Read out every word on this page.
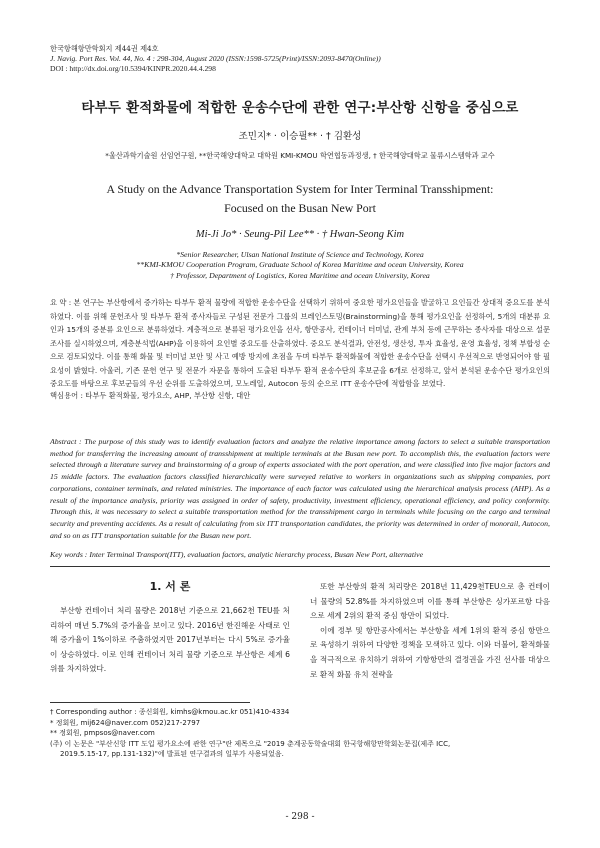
한국항해항만학회지 제44권 제4호
J. Navig. Port Res. Vol. 44, No. 4 : 298-304, August 2020 (ISSN:1598-5725(Print)/ISSN:2093-8470(Online))
DOI : http://dx.doi.org/10.5394/KINPR.2020.44.4.298
타부두 환적화물에 적합한 운송수단에 관한 연구:부산항 신항을 중심으로
조민지* · 이승필** · † 김환성
*울산과학기술원 선임연구원, **한국해양대학교 대학원 KMI-KMOU 학연협동과정생, † 한국해양대학교 물류시스템학과 교수
A Study on the Advance Transportation System for Inter Terminal Transshipment:
Focused on the Busan New Port
Mi-Ji Jo* · Seung-Pil Lee** · † Hwan-Seong Kim
*Senior Researcher, Ulsan National Institute of Science and Technology, Korea
**KMI-KMOU Cooperation Program, Graduate School of Korea Maritime and ocean University, Korea
† Professor, Department of Logistics, Korea Maritime and ocean University, Korea
요 약 : 본 연구는 부산항에서 증가하는 타부두 환적 물량에 적합한 운송수단을 선택하기 위하여 중요한 평가요인들을 발굴하고 요인들간 상대적 중요도를 분석하였다. 이를 위해 문헌조사 및 타부두 환적 종사자들로 구성된 전문가 그룹의 브레인스토밍(Brainstorming)을 통해 평가요인을 선정하여, 5개의 대분류 요인과 15개의 중분류 요인으로 분류하였다. 계층적으로 분류된 평가요인을 선사, 항만공사, 컨테이너 터미널, 관계 부처 등에 근무하는 종사자를 대상으로 설문 조사를 실시하였으며, 계층분석법(AHP)을 이용하여 요인별 중요도를 산출하였다. 중요도 분석결과, 안전성, 생산성, 투자 효율성, 운영 효율성, 정책 부합성 순으로 검토되었다. 이를 통해 화물 및 터미널 보안 및 사고 예방 방지에 초점을 두며 타부두 환적화물에 적합한 운송수단을 선택시 우선적으로 반영되어야 함 필요성이 밝혔다. 아울러, 기존 문헌 연구 및 전문가 자문을 통하여 도출된 타부두 환적 운송수단의 후보군을 6개로 선정하고, 앞서 분석된 운송수단 평가요인의 중요도를 바탕으로 후보군들의 우선 순위를 도출하였으며, 모노레일, Autocon 등의 순으로 ITT 운송수단에 적합함을 보였다.
핵심용어 : 타부두 환적화물, 평가요소, AHP, 부산항 신항, 대안
Abstract : The purpose of this study was to identify evaluation factors and analyze the relative importance among factors to select a suitable transportation method for transferring the increasing amount of transshipment at multiple terminals at the Busan new port. To accomplish this, the evaluation factors were selected through a literature survey and brainstorming of a group of experts associated with the port operation, and were classified into five major factors and 15 middle factors. The evaluation factors classified hierarchically were surveyed relative to workers in organizations such as shipping companies, port corporations, container terminals, and related ministries. The importance of each factor was calculated using the hierarchical analysis process (AHP). As a result of the importance analysis, priority was assigned in order of safety, productivity, investment efficiency, operational efficiency, and policy conformity. Through this, it was necessary to select a suitable transportation method for the transshipment cargo in terminals while focusing on the cargo and terminal security and preventing accidents. As a result of calculating from six ITT transportation candidates, the priority was determined in order of monorail, Autocon, and so on as ITT transportation suitable for the Busan new port.
Key words : Inter Terminal Transport(ITT), evaluation factors, analytic hierarchy process, Busan New Port, alternative
1. 서 론

부산항 컨테이너 처리 물량은 2018년 기준으로 21,662천 TEU를 처리하여 매년 5.7%의 증가율을 보이고 있다. 2016년 한진해운 사태로 인해 증가율이 1%이하로 주춤하였지만 2017년부터는 다시 5%로 증가율이 상승하였다. 이로 인해 컨테이너 처리 물량 기준으로 부산항은 세계 6위를 차지하였다.

또한 부산항의 환적 처리량은 2018년 11,429천TEU으로 총 컨테이너 물량의 52.8%를 차지하였으며 이를 통해 부산항은 싱가포르항 다음으로 세계 2위의 환적 중심 항만이 되었다.

이에 정부 및 항만공사에서는 부산항을 세계 1위의 환적 중심 항만으로 육성하기 위하여 다양한 정책을 모색하고 있다. 이와 더불어, 환적화물을 적극적으로 유치하기 위하여 기항항만의 결정권을 가진 선사를 대상으로 환적 화물 유치 전략을

† Corresponding author : 종신회원, kimhs@kmou.ac.kr 051)410-4334
* 정회원, mij624@naver.com 052)217-2797
** 정회원, pmpsos@naver.com
(주) 이 논문은 "부산신항 ITT 도입 평가요소에 관한 연구"란 제목으로 "2019 춘계공동학술대회 한국항해항만학회논문집(제주 ICC,
2019.5.15-17, pp.131-132)"에 발표된 연구결과의 일부가 사용되었음.
- 298 -
